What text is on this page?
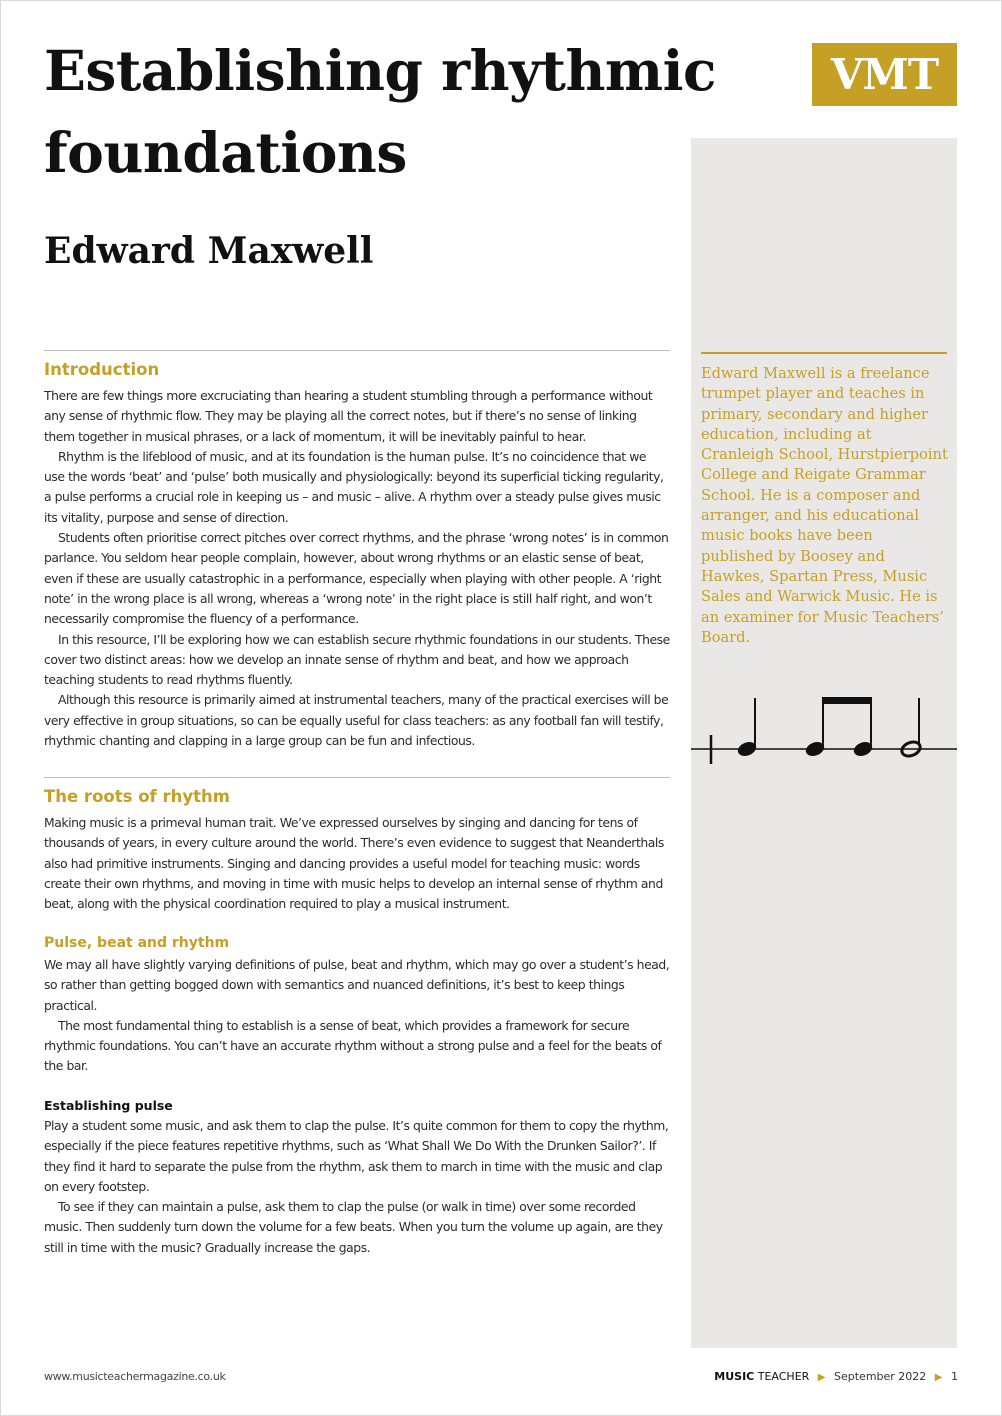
Establishing rhythmic foundations
Edward Maxwell
VMT

Edward Maxwell is a freelance trumpet player and teaches in primary, secondary and higher education, including at Cranleigh School, Hurstpierpoint College and Reigate Grammar School. He is a composer and arranger, and his educational music books have been published by Boosey and Hawkes, Spartan Press, Music Sales and Warwick Music. He is an examiner for Music Teachers’ Board.

Introduction

There are few things more excruciating than hearing a student stumbling through a performance without any sense of rhythmic flow. They may be playing all the correct notes, but if there’s no sense of linking them together in musical phrases, or a lack of momentum, it will be inevitably painful to hear.

Rhythm is the lifeblood of music, and at its foundation is the human pulse. It’s no coincidence that we use the words ‘beat’ and ‘pulse’ both musically and physiologically: beyond its superficial ticking regularity, a pulse performs a crucial role in keeping us – and music – alive. A rhythm over a steady pulse gives music its vitality, purpose and sense of direction.

Students often prioritise correct pitches over correct rhythms, and the phrase ‘wrong notes’ is in common parlance. You seldom hear people complain, however, about wrong rhythms or an elastic sense of beat, even if these are usually catastrophic in a performance, especially when playing with other people. A ‘right note’ in the wrong place is all wrong, whereas a ‘wrong note’ in the right place is still half right, and won’t necessarily compromise the fluency of a performance.

In this resource, I’ll be exploring how we can establish secure rhythmic foundations in our students. These cover two distinct areas: how we develop an innate sense of rhythm and beat, and how we approach teaching students to read rhythms fluently.

Although this resource is primarily aimed at instrumental teachers, many of the practical exercises will be very effective in group situations, so can be equally useful for class teachers: as any football fan will testify, rhythmic chanting and clapping in a large group can be fun and infectious.

The roots of rhythm

Making music is a primeval human trait. We’ve expressed ourselves by singing and dancing for tens of thousands of years, in every culture around the world. There’s even evidence to suggest that Neanderthals also had primitive instruments. Singing and dancing provides a useful model for teaching music: words create their own rhythms, and moving in time with music helps to develop an internal sense of rhythm and beat, along with the physical coordination required to play a musical instrument.

Pulse, beat and rhythm

We may all have slightly varying definitions of pulse, beat and rhythm, which may go over a student’s head, so rather than getting bogged down with semantics and nuanced definitions, it’s best to keep things practical.

The most fundamental thing to establish is a sense of beat, which provides a framework for secure rhythmic foundations. You can’t have an accurate rhythm without a strong pulse and a feel for the beats of the bar.

Establishing pulse

Play a student some music, and ask them to clap the pulse. It’s quite common for them to copy the rhythm, especially if the piece features repetitive rhythms, such as ‘What Shall We Do With the Drunken Sailor?’. If they find it hard to separate the pulse from the rhythm, ask them to march in time with the music and clap on every footstep.

To see if they can maintain a pulse, ask them to clap the pulse (or walk in time) over some recorded music. Then suddenly turn down the volume for a few beats. When you turn the volume up again, are they still in time with the music? Gradually increase the gaps.

www.musicteachermagazine.co.uk	MUSIC TEACHER ▶ September 2022 ▶ 1
